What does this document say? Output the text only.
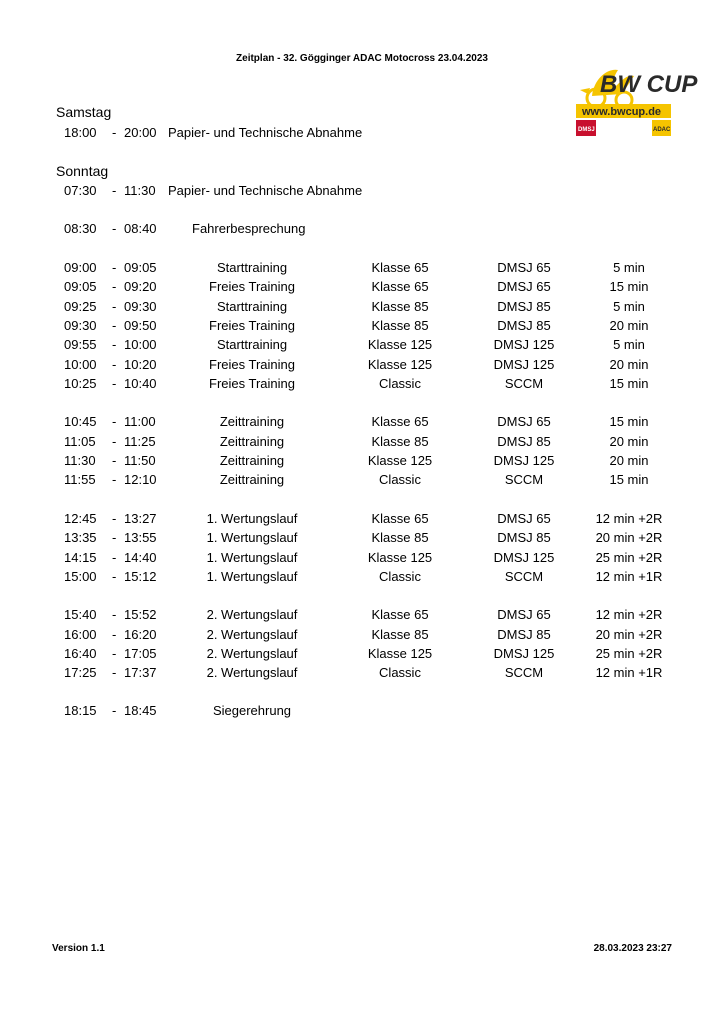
Zeitplan - 32. Gögginger ADAC Motocross 23.04.2023
BW CUP
www.bwcup.de
DMSJ	ADAC
Samstag
18:00 - 20:00 Papier- und Technische Abnahme
Sonntag
07:30 - 11:30 Papier- und Technische Abnahme
08:30 - 08:40	Fahrerbesprechung
09:00 - 09:05	Starttraining	Klasse 65	DMSJ 65	5 min
09:05 - 09:20	Freies Training	Klasse 65	DMSJ 65	15 min
09:25 - 09:30	Starttraining	Klasse 85	DMSJ 85	5 min
09:30 - 09:50	Freies Training	Klasse 85	DMSJ 85	20 min
09:55 - 10:00	Starttraining	Klasse 125	DMSJ 125	5 min
10:00 - 10:20	Freies Training	Klasse 125	DMSJ 125	20 min
10:25 - 10:40	Freies Training	Classic	SCCM	15 min
10:45 - 11:00	Zeittraining	Klasse 65	DMSJ 65	15 min
11:05 - 11:25	Zeittraining	Klasse 85	DMSJ 85	20 min
11:30 - 11:50	Zeittraining	Klasse 125	DMSJ 125	20 min
11:55 - 12:10	Zeittraining	Classic	SCCM	15 min
12:45 - 13:27	1. Wertungslauf	Klasse 65	DMSJ 65	12 min +2R
13:35 - 13:55	1. Wertungslauf	Klasse 85	DMSJ 85	20 min +2R
14:15 - 14:40	1. Wertungslauf	Klasse 125	DMSJ 125	25 min +2R
15:00 - 15:12	1. Wertungslauf	Classic	SCCM	12 min +1R
15:40 - 15:52	2. Wertungslauf	Klasse 65	DMSJ 65	12 min +2R
16:00 - 16:20	2. Wertungslauf	Klasse 85	DMSJ 85	20 min +2R
16:40 - 17:05	2. Wertungslauf	Klasse 125	DMSJ 125	25 min +2R
17:25 - 17:37	2. Wertungslauf	Classic	SCCM	12 min +1R
18:15 - 18:45	Siegerehrung
Version 1.1	28.03.2023 23:27
